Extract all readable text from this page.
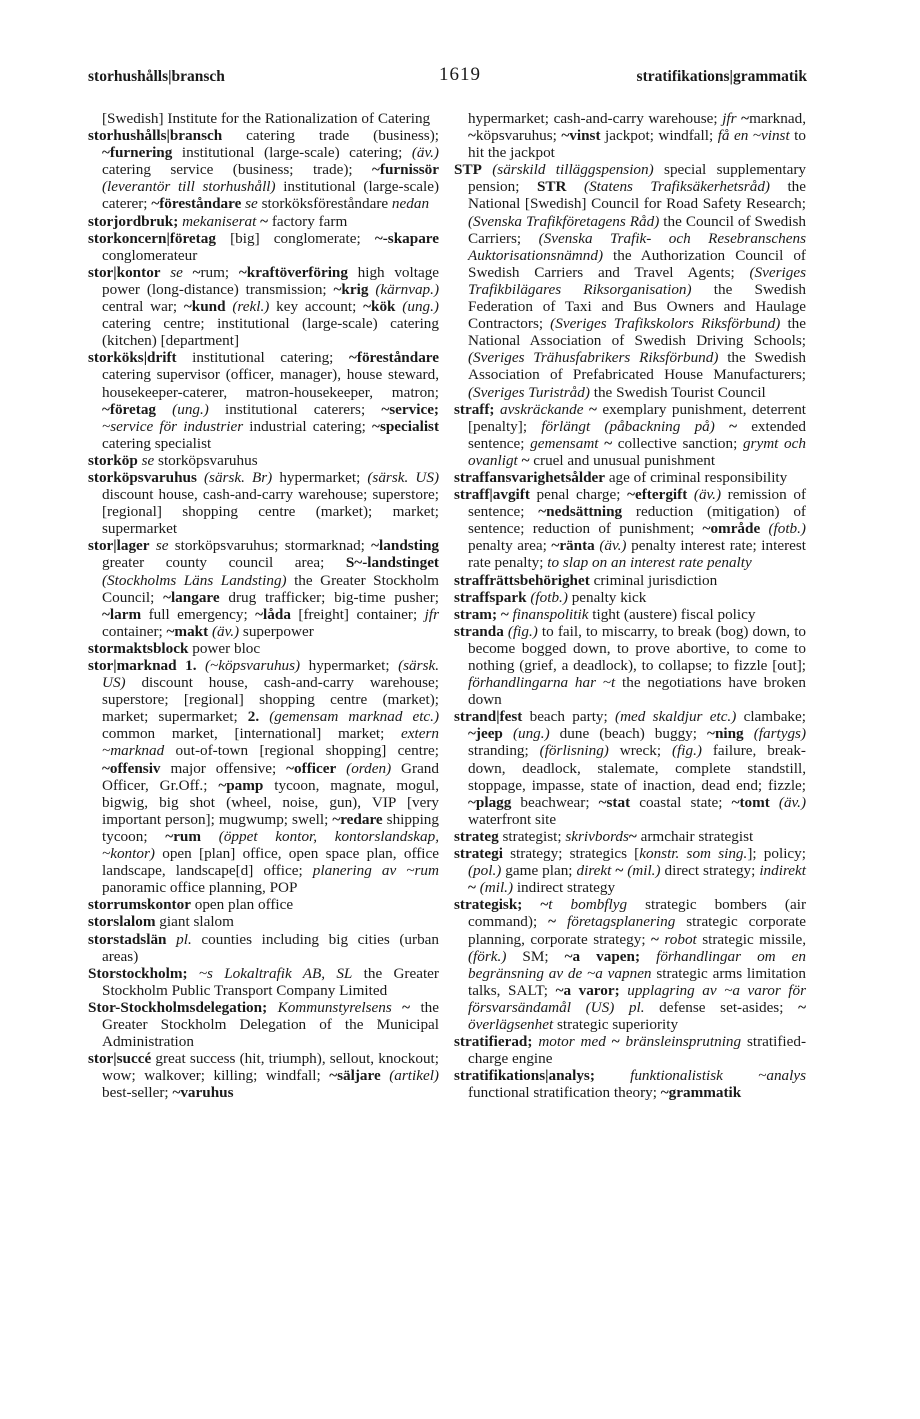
storhushålls|bransch	1619	stratifikations|grammatik

[Swedish] Institute for the Rationalization of Catering

storhushålls|bransch catering trade (business); ~furnering institutional (large-scale) catering; (äv.) catering service (business; trade); ~furnissör (leverantör till storhushåll) institutional (large-scale) caterer; ~föreståndare se storköksföreståndare nedan

storjordbruk; mekaniserat ~ factory farm

storkoncern|företag [big] conglomerate; ~-skapare conglomerateur

stor|kontor se ~rum; ~kraftöverföring high voltage power (long-distance) transmission; ~krig (kärnvap.) central war; ~kund (rekl.) key account; ~kök (ung.) catering centre; institutional (large-scale) catering (kitchen) [department]

storköks|drift institutional catering; ~föreståndare catering supervisor (officer, manager), house steward, housekeeper-caterer, matron-housekeeper, matron; ~företag (ung.) institutional caterers; ~service; ~service för industrier industrial catering; ~specialist catering specialist

storköp se storköpsvaruhus

storköpsvaruhus (särsk. Br) hypermarket; (särsk. US) discount house, cash-and-carry warehouse; superstore; [regional] shopping centre (market); market; supermarket

stor|lager se storköpsvaruhus; stormarknad; ~landsting greater county council area; S~-landstinget (Stockholms Läns Landsting) the Greater Stockholm Council; ~langare drug trafficker; big-time pusher; ~larm full emergency; ~låda [freight] container; jfr container; ~makt (äv.) superpower

stormaktsblock power bloc

stor|marknad 1. (~köpsvaruhus) hypermarket; (särsk. US) discount house, cash-and-carry warehouse; superstore; [regional] shopping centre (market); market; supermarket; 2. (gemensam marknad etc.) common market, [international] market; extern ~marknad out-of-town [regional shopping] centre; ~offensiv major offensive; ~officer (orden) Grand Officer, Gr.Off.; ~pamp tycoon, magnate, mogul, bigwig, big shot (wheel, noise, gun), VIP [very important person]; mugwump; swell; ~redare shipping tycoon; ~rum (öppet kontor, kontorslandskap, ~kontor) open [plan] office, open space plan, office landscape, landscape[d] office; planering av ~rum panoramic office planning, POP

storrumskontor open plan office

storslalom giant slalom

storstadslän pl. counties including big cities (urban areas)

Storstockholm; ~s Lokaltrafik AB, SL the Greater Stockholm Public Transport Company Limited

Stor-Stockholmsdelegation; Kommunstyrelsens ~ the Greater Stockholm Delegation of the Municipal Administration

stor|succé great success (hit, triumph), sellout, knockout; wow; walkover; killing; windfall; ~säljare (artikel) best-seller; ~varuhus

hypermarket; cash-and-carry warehouse; jfr ~marknad, ~köpsvaruhus; ~vinst jackpot; windfall; få en ~vinst to hit the jackpot

STP (särskild tilläggspension) special supplementary pension; STR (Statens Trafiksäkerhetsråd) the National [Swedish] Council for Road Safety Research; (Svenska Trafikföretagens Råd) the Council of Swedish Carriers; (Svenska Trafik- och Resebranschens Auktorisationsnämnd) the Authorization Council of Swedish Carriers and Travel Agents; (Sveriges Trafikbilägares Riksorganisation) the Swedish Federation of Taxi and Bus Owners and Haulage Contractors; (Sveriges Trafikskolors Riksförbund) the National Association of Swedish Driving Schools; (Sveriges Trähusfabrikers Riksförbund) the Swedish Association of Prefabricated House Manufacturers; (Sveriges Turistråd) the Swedish Tourist Council

straff; avskräckande ~ exemplary punishment, deterrent [penalty]; förlängt (påbackning på) ~ extended sentence; gemensamt ~ collective sanction; grymt och ovanligt ~ cruel and unusual punishment

straffansvarighetsålder age of criminal responsibility

straff|avgift penal charge; ~eftergift (äv.) remission of sentence; ~nedsättning reduction (mitigation) of sentence; reduction of punishment; ~område (fotb.) penalty area; ~ränta (äv.) penalty interest rate; interest rate penalty; to slap on an interest rate penalty

straffrättsbehörighet criminal jurisdiction

straffspark (fotb.) penalty kick

stram; ~ finanspolitik tight (austere) fiscal policy

stranda (fig.) to fail, to miscarry, to break (bog) down, to become bogged down, to prove abortive, to come to nothing (grief, a deadlock), to collapse; to fizzle [out]; förhandlingarna har ~t the negotiations have broken down

strand|fest beach party; (med skaldjur etc.) clambake; ~jeep (ung.) dune (beach) buggy; ~ning (fartygs) stranding; (förlisning) wreck; (fig.) failure, break-down, deadlock, stalemate, complete standstill, stoppage, impasse, state of inaction, dead end; fizzle; ~plagg beachwear; ~stat coastal state; ~tomt (äv.) waterfront site

strateg strategist; skrivbords~ armchair strategist

strategi strategy; strategics [konstr. som sing.]; policy; (pol.) game plan; direkt ~ (mil.) direct strategy; indirekt ~ (mil.) indirect strategy

strategisk; ~t bombflyg strategic bombers (air command); ~ företagsplanering strategic corporate planning, corporate strategy; ~ robot strategic missile, (förk.) SM; ~a vapen; förhandlingar om en begränsning av de ~a vapnen strategic arms limitation talks, SALT; ~a varor; upplagring av ~a varor för försvarsändamål (US) pl. defense set-asides; ~ överlägsenhet strategic superiority

stratifierad; motor med ~ bränsleinsprutning stratified-charge engine

stratifikations|analys; funktionalistisk ~analys functional stratification theory; ~grammatik
